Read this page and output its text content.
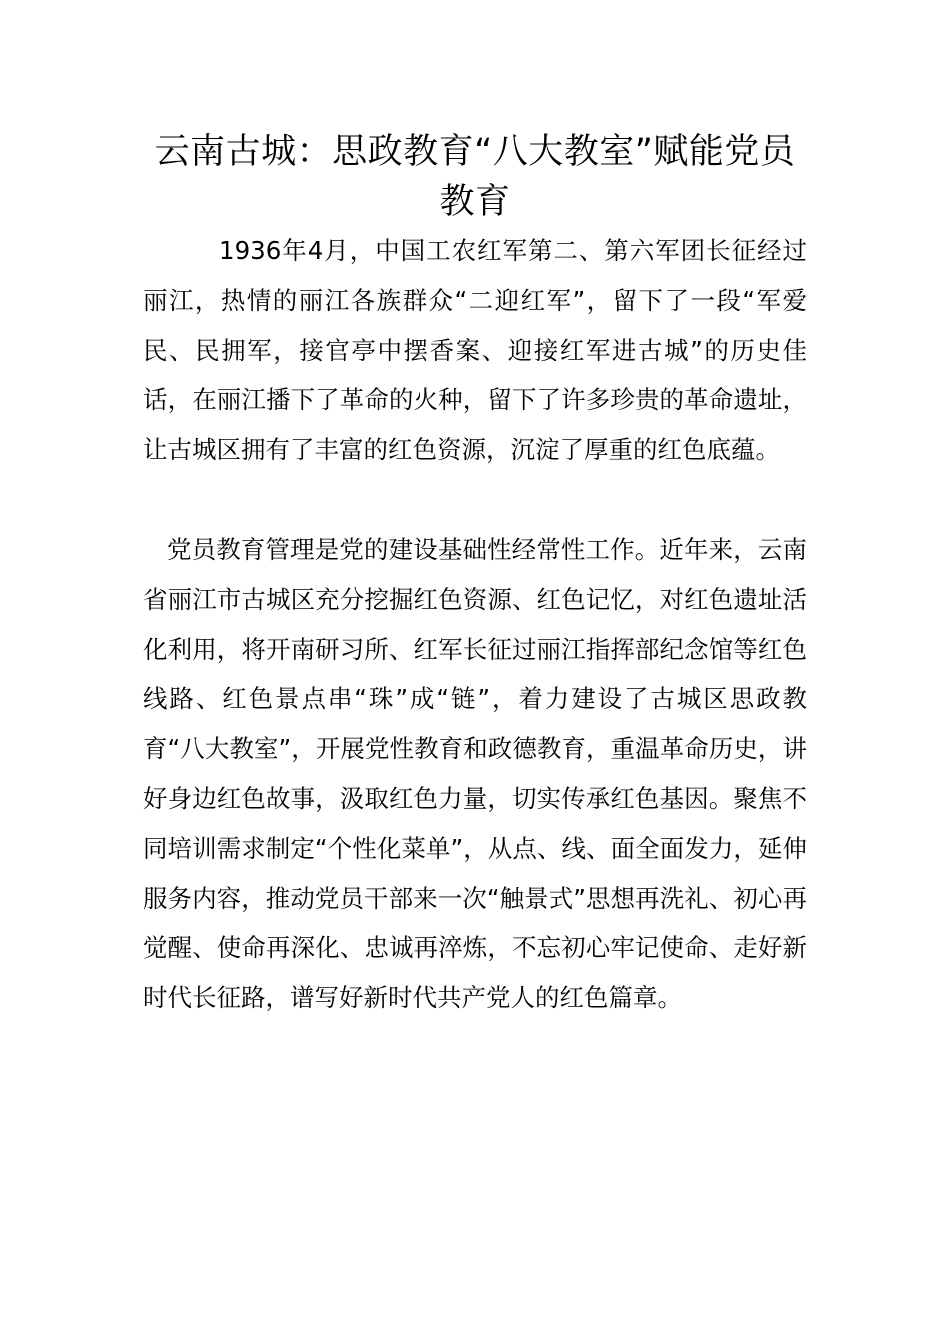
云南古城：思政教育“八大教室”赋能党员教育

1936年4月，中国工农红军第二、第六军团长征经过丽江，热情的丽江各族群众“二迎红军”，留下了一段“军爱民、民拥军，接官亭中摆香案、迎接红军进古城”的历史佳话，在丽江播下了革命的火种，留下了许多珍贵的革命遗址，让古城区拥有了丰富的红色资源，沉淀了厚重的红色底蕴。

党员教育管理是党的建设基础性经常性工作。近年来，云南省丽江市古城区充分挖掘红色资源、红色记忆，对红色遗址活化利用，将开南研习所、红军长征过丽江指挥部纪念馆等红色线路、红色景点串“珠”成“链”，着力建设了古城区思政教育“八大教室”，开展党性教育和政德教育，重温革命历史，讲好身边红色故事，汲取红色力量，切实传承红色基因。聚焦不同培训需求制定“个性化菜单”，从点、线、面全面发力，延伸服务内容，推动党员干部来一次“触景式”思想再洗礼、初心再觉醒、使命再深化、忠诚再淬炼，不忘初心牢记使命、走好新时代长征路，谱写好新时代共产党人的红色篇章。
